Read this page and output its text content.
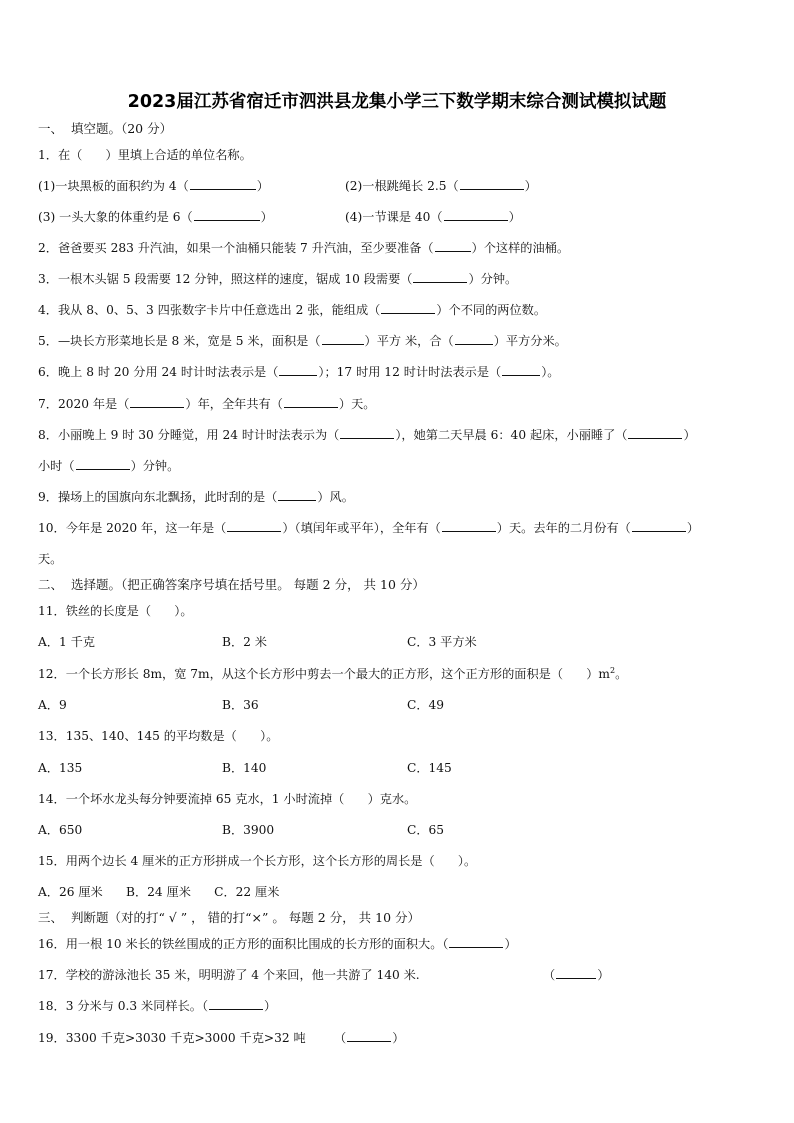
2023届江苏省宿迁市泗洪县龙集小学三下数学期末综合测试模拟试题
一、  填空题。（20 分）
1．在（      ）里填上合适的单位名称。
(1)一块黑板的面积约为 4（	）	(2)一根跳绳长 2.5（	）
(3) 一头大象的体重约是 6（	）	(4)一节课是 40（	）
2．爸爸要买 283 升汽油，如果一个油桶只能装 7 升汽油，至少要准备（	）个这样的油桶。
3．一根木头锯 5 段需要 12 分钟，照这样的速度，锯成 10 段需要（	）分钟。
4．我从 8、0、5、3 四张数字卡片中任意选出 2 张，能组成（	）个不同的两位数。
5．—块长方形菜地长是 8 米，宽是 5 米，面积是（	）平方 米，合（	）平方分米。
6．晚上 8 时 20 分用 24 时计时法表示是（	）；17 时用 12 时计时法表示是（	）。
7．2020 年是（	）年，全年共有（	）天。
8．小丽晚上 9 时 30 分睡觉，用 24 时计时法表示为（	），她第二天早晨 6：40 起床，小丽睡了（	）
小时（	）分钟。
9．操场上的国旗向东北飘扬，此时刮的是（	）风。
10．今年是 2020 年，这一年是（	）（填闰年或平年），全年有（	）天。去年的二月份有（	）
天。
二、  选择题。（把正确答案序号填在括号里。 每题 2 分， 共 10 分）
11．铁丝的长度是（      ）。
A．1 千克	B．2 米	C．3 平方米
12．一个长方形长 8m，宽 7m，从这个长方形中剪去一个最大的正方形，这个正方形的面积是（      ）$m^2$。
A．9	B．36	C．49
13．135、140、145 的平均数是（      ）。
A．135	B．140	C．145
14．一个坏水龙头每分钟要流掉 65 克水，1 小时流掉（      ）克水。
A．650	B．3900	C．65
15．用两个边长 4 厘米的正方形拼成一个长方形，这个长方形的周长是（      ）。
A．26 厘米      B．24 厘米      C．22 厘米
三、  判断题（对的打“ √ ” ， 错的打“×” 。 每题 2 分， 共 10 分）
16．用一根 10 米长的铁丝围成的正方形的面积比围成的长方形的面积大。（	）
17．学校的游泳池长 35 米，明明游了 4 个来回，他一共游了 140 米.	（	）
18．3 分米与 0.3 米同样长。（	）
19．3300 千克>3030 千克>3000 千克>32 吨 （	）
